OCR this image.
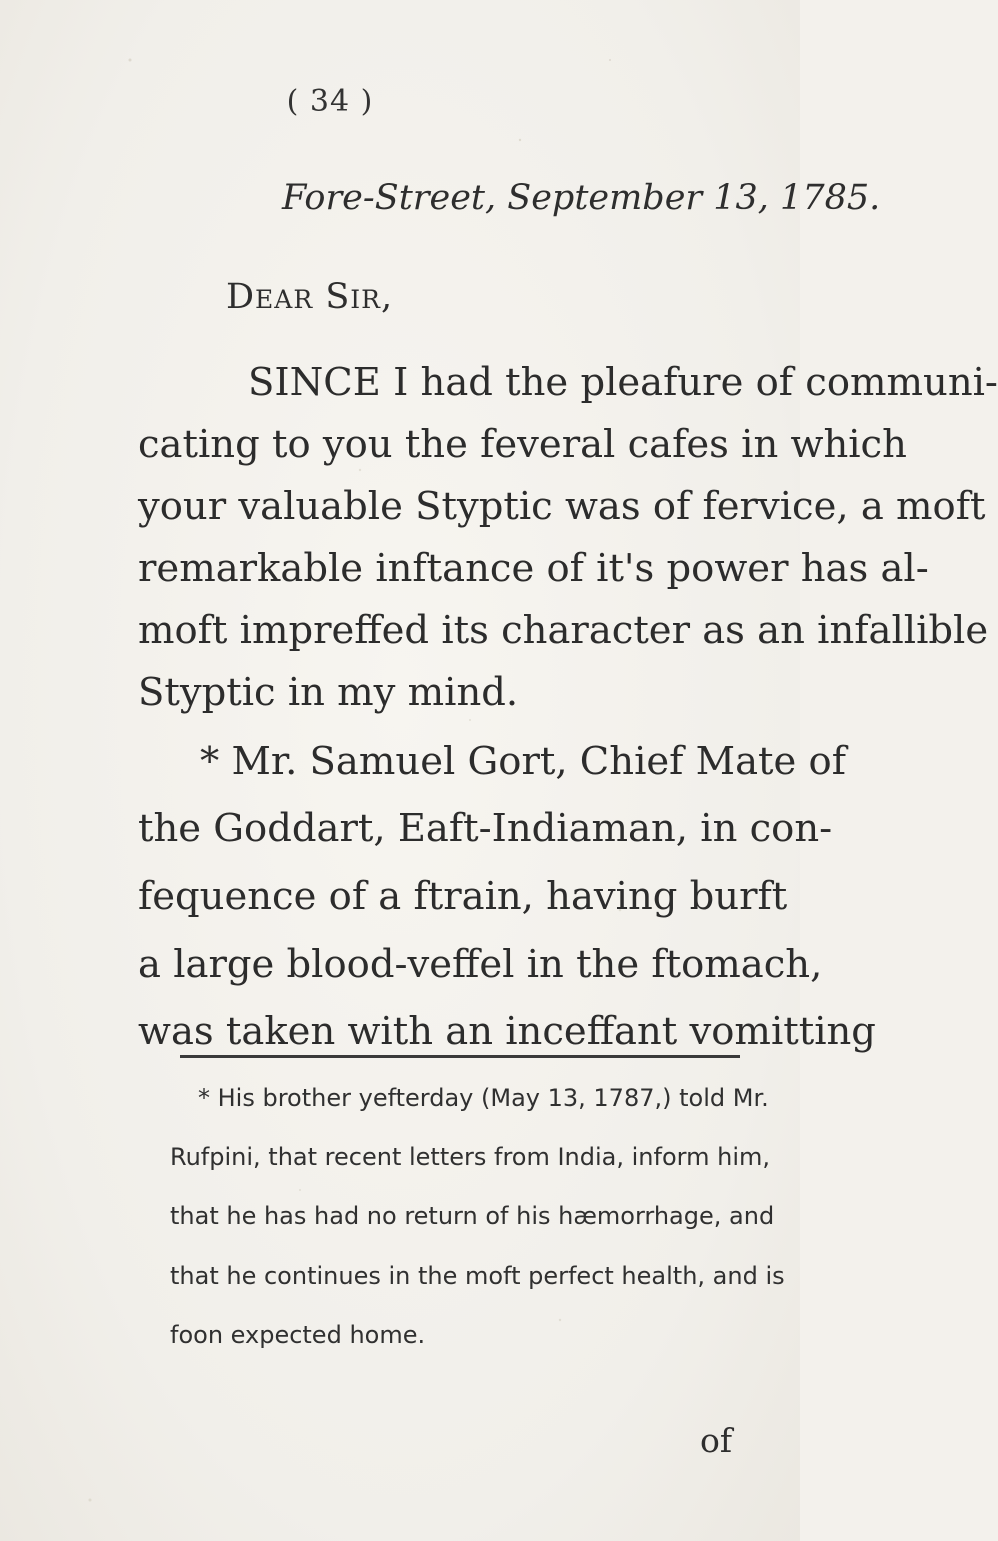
( 34 )
Fore-Street, September 13, 1785.
Dear Sir,
SINCE I had the pleafure of communi-
cating to you the feveral cafes in which
your valuable Styptic was of fervice, a moft
remarkable inftance of it's power has al-
moft impreffed its character as an infallible
Styptic in my mind.
* Mr. Samuel Gort, Chief Mate of
the Goddart, Eaft-Indiaman, in con-
fequence of a ftrain, having burft
a large blood-veffel in the ftomach,
was taken with an inceffant vomitting
* His brother yefterday (May 13, 1787,) told Mr.
Rufpini, that recent letters from India, inform him,
that he has had no return of his hæmorrhage, and
that he continues in the moft perfect health, and is
foon expected home.
of
